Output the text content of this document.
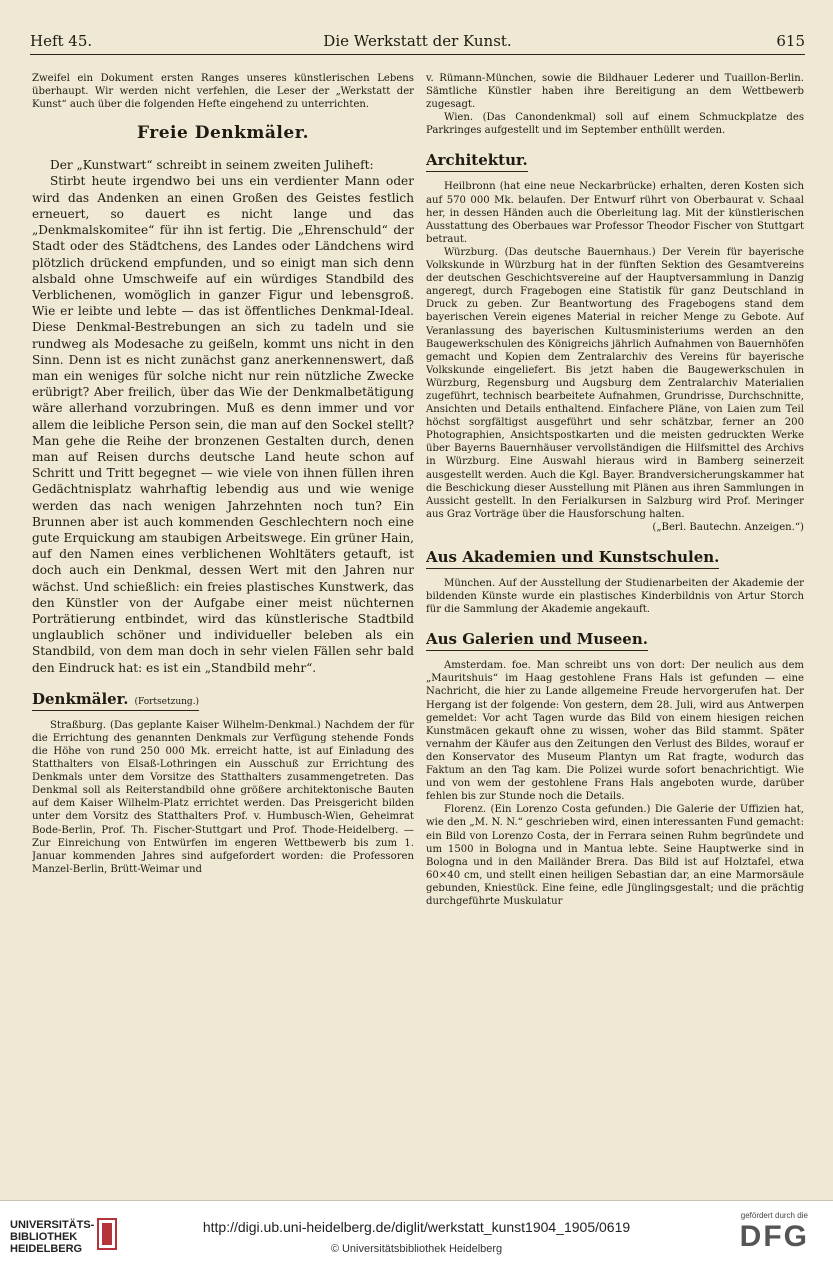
Heft 45.	Die Werkstatt der Kunst.	615

Zweifel ein Dokument ersten Ranges unseres künstlerischen Lebens überhaupt. Wir werden nicht verfehlen, die Leser der „Werkstatt der Kunst“ auch über die folgenden Hefte eingehend zu unterrichten.

Freie Denkmäler.

Der „Kunstwart“ schreibt in seinem zweiten Juliheft:

Stirbt heute irgendwo bei uns ein verdienter Mann oder wird das Andenken an einen Großen des Geistes festlich erneuert, so dauert es nicht lange und das „Denkmalskomitee“ für ihn ist fertig. Die „Ehrenschuld“ der Stadt oder des Städtchens, des Landes oder Ländchens wird plötzlich drückend empfunden, und so einigt man sich denn alsbald ohne Umschweife auf ein würdiges Standbild des Verblichenen, womöglich in ganzer Figur und lebensgroß. Wie er leibte und lebte — das ist öffentliches Denkmal-Ideal. Diese Denkmal-Bestrebungen an sich zu tadeln und sie rundweg als Modesache zu geißeln, kommt uns nicht in den Sinn. Denn ist es nicht zunächst ganz anerkennenswert, daß man ein weniges für solche nicht nur rein nützliche Zwecke erübrigt? Aber freilich, über das Wie der Denkmalbetätigung wäre allerhand vorzubringen. Muß es denn immer und vor allem die leibliche Person sein, die man auf den Sockel stellt? Man gehe die Reihe der bronzenen Gestalten durch, denen man auf Reisen durchs deutsche Land heute schon auf Schritt und Tritt begegnet — wie viele von ihnen füllen ihren Gedächtnisplatz wahrhaftig lebendig aus und wie wenige werden das nach wenigen Jahrzehnten noch tun? Ein Brunnen aber ist auch kommenden Geschlechtern noch eine gute Erquickung am staubigen Arbeitswege. Ein grüner Hain, auf den Namen eines verblichenen Wohltäters getauft, ist doch auch ein Denkmal, dessen Wert mit den Jahren nur wächst. Und schießlich: ein freies plastisches Kunstwerk, das den Künstler von der Aufgabe einer meist nüchternen Porträtierung entbindet, wird das künstlerische Stadtbild unglaublich schöner und individueller beleben als ein Standbild, von dem man doch in sehr vielen Fällen sehr bald den Eindruck hat: es ist ein „Standbild mehr“.

Denkmäler. (Fortsetzung.)

Straßburg. (Das geplante Kaiser Wilhelm-Denkmal.) Nachdem der für die Errichtung des genannten Denkmals zur Verfügung stehende Fonds die Höhe von rund 250 000 Mk. erreicht hatte, ist auf Einladung des Statthalters von Elsaß-Lothringen ein Ausschuß zur Errichtung des Denkmals unter dem Vorsitze des Statthalters zusammengetreten. Das Denkmal soll als Reiterstandbild ohne größere architektonische Bauten auf dem Kaiser Wilhelm-Platz errichtet werden. Das Preisgericht bilden unter dem Vorsitz des Statthalters Prof. v. Humbusch-Wien, Geheimrat Bode-Berlin, Prof. Th. Fischer-Stuttgart und Prof. Thode-Heidelberg. — Zur Einreichung von Entwürfen im engeren Wettbewerb bis zum 1. Januar kommenden Jahres sind aufgefordert worden: die Professoren Manzel-Berlin, Brütt-Weimar und

v. Rümann-München, sowie die Bildhauer Lederer und Tuaillon-Berlin. Sämtliche Künstler haben ihre Bereitigung an dem Wettbewerb zugesagt.

Wien. (Das Canondenkmal) soll auf einem Schmuckplatze des Parkringes aufgestellt und im September enthüllt werden.

Architektur.

Heilbronn (hat eine neue Neckarbrücke) erhalten, deren Kosten sich auf 570 000 Mk. belaufen. Der Entwurf rührt von Oberbaurat v. Schaal her, in dessen Händen auch die Oberleitung lag. Mit der künstlerischen Ausstattung des Oberbaues war Professor Theodor Fischer von Stuttgart betraut.

Würzburg. (Das deutsche Bauernhaus.) Der Verein für bayerische Volkskunde in Würzburg hat in der fünften Sektion des Gesamtvereins der deutschen Geschichtsvereine auf der Hauptversammlung in Danzig angeregt, durch Fragebogen eine Statistik für ganz Deutschland in Druck zu geben. Zur Beantwortung des Fragebogens stand dem bayerischen Verein eigenes Material in reicher Menge zu Gebote. Auf Veranlassung des bayerischen Kultusministeriums werden an den Baugewerkschulen des Königreichs jährlich Aufnahmen von Bauernhöfen gemacht und Kopien dem Zentralarchiv des Vereins für bayerische Volkskunde eingeliefert. Bis jetzt haben die Baugewerkschulen in Würzburg, Regensburg und Augsburg dem Zentralarchiv Materialien zugeführt, technisch bearbeitete Aufnahmen, Grundrisse, Durchschnitte, Ansichten und Details enthaltend. Einfachere Pläne, von Laien zum Teil höchst sorgfältigst ausgeführt und sehr schätzbar, ferner an 200 Photographien, Ansichtspostkarten und die meisten gedruckten Werke über Bayerns Bauernhäuser vervollständigen die Hilfsmittel des Archivs in Würzburg. Eine Auswahl hieraus wird in Bamberg seinerzeit ausgestellt werden. Auch die Kgl. Bayer. Brandversicherungskammer hat die Beschickung dieser Ausstellung mit Plänen aus ihren Sammlungen in Aussicht gestellt. In den Ferialkursen in Salzburg wird Prof. Meringer aus Graz Vorträge über die Hausforschung halten.

(„Berl. Bautechn. Anzeigen.“)

Aus Akademien und Kunstschulen.

München. Auf der Ausstellung der Studienarbeiten der Akademie der bildenden Künste wurde ein plastisches Kinderbildnis von Artur Storch für die Sammlung der Akademie angekauft.

Aus Galerien und Museen.

Amsterdam. foe. Man schreibt uns von dort: Der neulich aus dem „Mauritshuis“ im Haag gestohlene Frans Hals ist gefunden — eine Nachricht, die hier zu Lande allgemeine Freude hervorgerufen hat. Der Hergang ist der folgende: Von gestern, dem 28. Juli, wird aus Antwerpen gemeldet: Vor acht Tagen wurde das Bild von einem hiesigen reichen Kunstmäcen gekauft ohne zu wissen, woher das Bild stammt. Später vernahm der Käufer aus den Zeitungen den Verlust des Bildes, worauf er den Konservator des Museum Plantyn um Rat fragte, wodurch das Faktum an den Tag kam. Die Polizei wurde sofort benachrichtigt. Wie und von wem der gestohlene Frans Hals angeboten wurde, darüber fehlen bis zur Stunde noch die Details.

Florenz. (Ein Lorenzo Costa gefunden.) Die Galerie der Uffizien hat, wie den „M. N. N.“ geschrieben wird, einen interessanten Fund gemacht: ein Bild von Lorenzo Costa, der in Ferrara seinen Ruhm begründete und um 1500 in Bologna und in Mantua lebte. Seine Hauptwerke sind in Bologna und in den Mailänder Brera. Das Bild ist auf Holztafel, etwa 60×40 cm, und stellt einen heiligen Sebastian dar, an eine Marmorsäule gebunden, Kniestück. Eine feine, edle Jünglingsgestalt; und die prächtig durchgeführte Muskulatur

UNIVERSITÄTS-
BIBLIOTHEK
HEIDELBERG
http://digi.ub.uni-heidelberg.de/diglit/werkstatt_kunst1904_1905/0619
© Universitätsbibliothek Heidelberg
gefördert durch die
DFG
